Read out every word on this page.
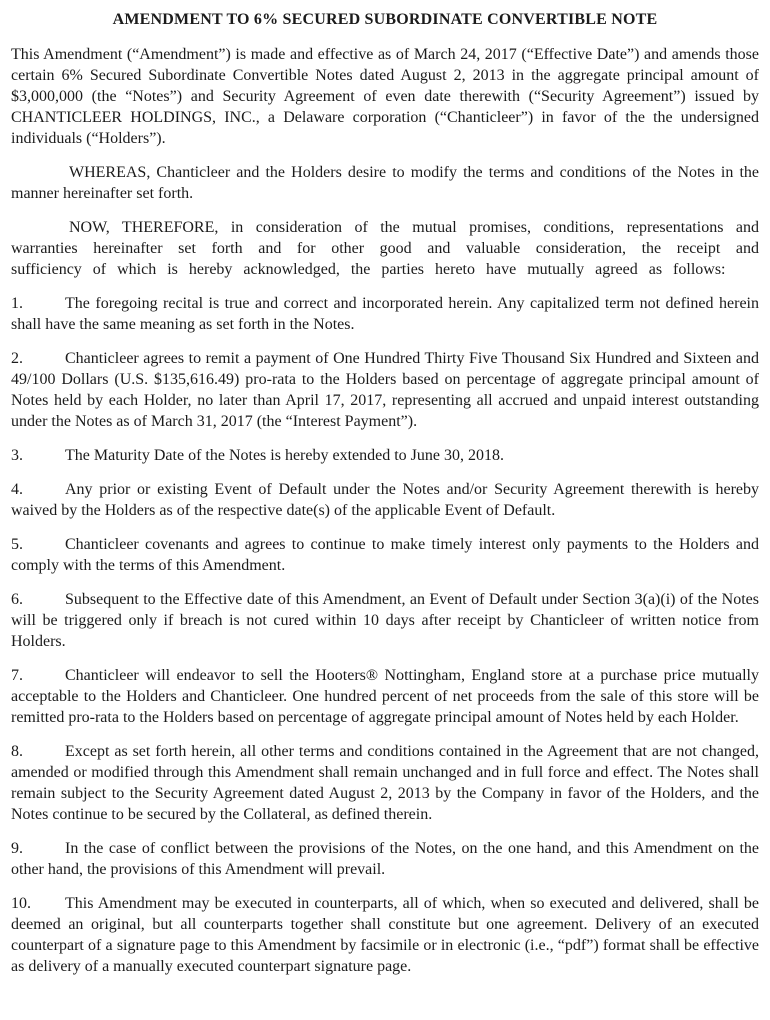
AMENDMENT TO 6% SECURED SUBORDINATE CONVERTIBLE NOTE

This Amendment (“Amendment”) is made and effective as of March 24, 2017 (“Effective Date”) and amends those certain 6% Secured Subordinate Convertible Notes dated August 2, 2013 in the aggregate principal amount of $3,000,000 (the “Notes”) and Security Agreement of even date therewith (“Security Agreement”) issued by CHANTICLEER HOLDINGS, INC., a Delaware corporation (“Chanticleer”) in favor of the the undersigned individuals (“Holders”).

WHEREAS, Chanticleer and the Holders desire to modify the terms and conditions of the Notes in the manner hereinafter set forth.

NOW, THEREFORE, in consideration of the mutual promises, conditions, representations and warranties hereinafter set forth and for other good and valuable consideration, the receipt and sufficiency of which is hereby acknowledged, the parties hereto have mutually agreed as follows:

1.	The foregoing recital is true and correct and incorporated herein. Any capitalized term not defined herein shall have the same meaning as set forth in the Notes.

2.	Chanticleer agrees to remit a payment of One Hundred Thirty Five Thousand Six Hundred and Sixteen and 49/100 Dollars (U.S. $135,616.49) pro-rata to the Holders based on percentage of aggregate principal amount of Notes held by each Holder, no later than April 17, 2017, representing all accrued and unpaid interest outstanding under the Notes as of March 31, 2017 (the “Interest Payment”).

3.	The Maturity Date of the Notes is hereby extended to June 30, 2018.

4.	Any prior or existing Event of Default under the Notes and/or Security Agreement therewith is hereby waived by the Holders as of the respective date(s) of the applicable Event of Default.

5.	Chanticleer covenants and agrees to continue to make timely interest only payments to the Holders and comply with the terms of this Amendment.

6.	Subsequent to the Effective date of this Amendment, an Event of Default under Section 3(a)(i) of the Notes will be triggered only if breach is not cured within 10 days after receipt by Chanticleer of written notice from Holders.

7.	Chanticleer will endeavor to sell the Hooters® Nottingham, England store at a purchase price mutually acceptable to the Holders and Chanticleer. One hundred percent of net proceeds from the sale of this store will be remitted pro-rata to the Holders based on percentage of aggregate principal amount of Notes held by each Holder.

8.	Except as set forth herein, all other terms and conditions contained in the Agreement that are not changed, amended or modified through this Amendment shall remain unchanged and in full force and effect. The Notes shall remain subject to the Security Agreement dated August 2, 2013 by the Company in favor of the Holders, and the Notes continue to be secured by the Collateral, as defined therein.

9.	In the case of conflict between the provisions of the Notes, on the one hand, and this Amendment on the other hand, the provisions of this Amendment will prevail.

10. This Amendment may be executed in counterparts, all of which, when so executed and delivered, shall be deemed an original, but all counterparts together shall constitute but one agreement. Delivery of an executed counterpart of a signature page to this Amendment by facsimile or in electronic (i.e., “pdf”) format shall be effective as delivery of a manually executed counterpart signature page.
